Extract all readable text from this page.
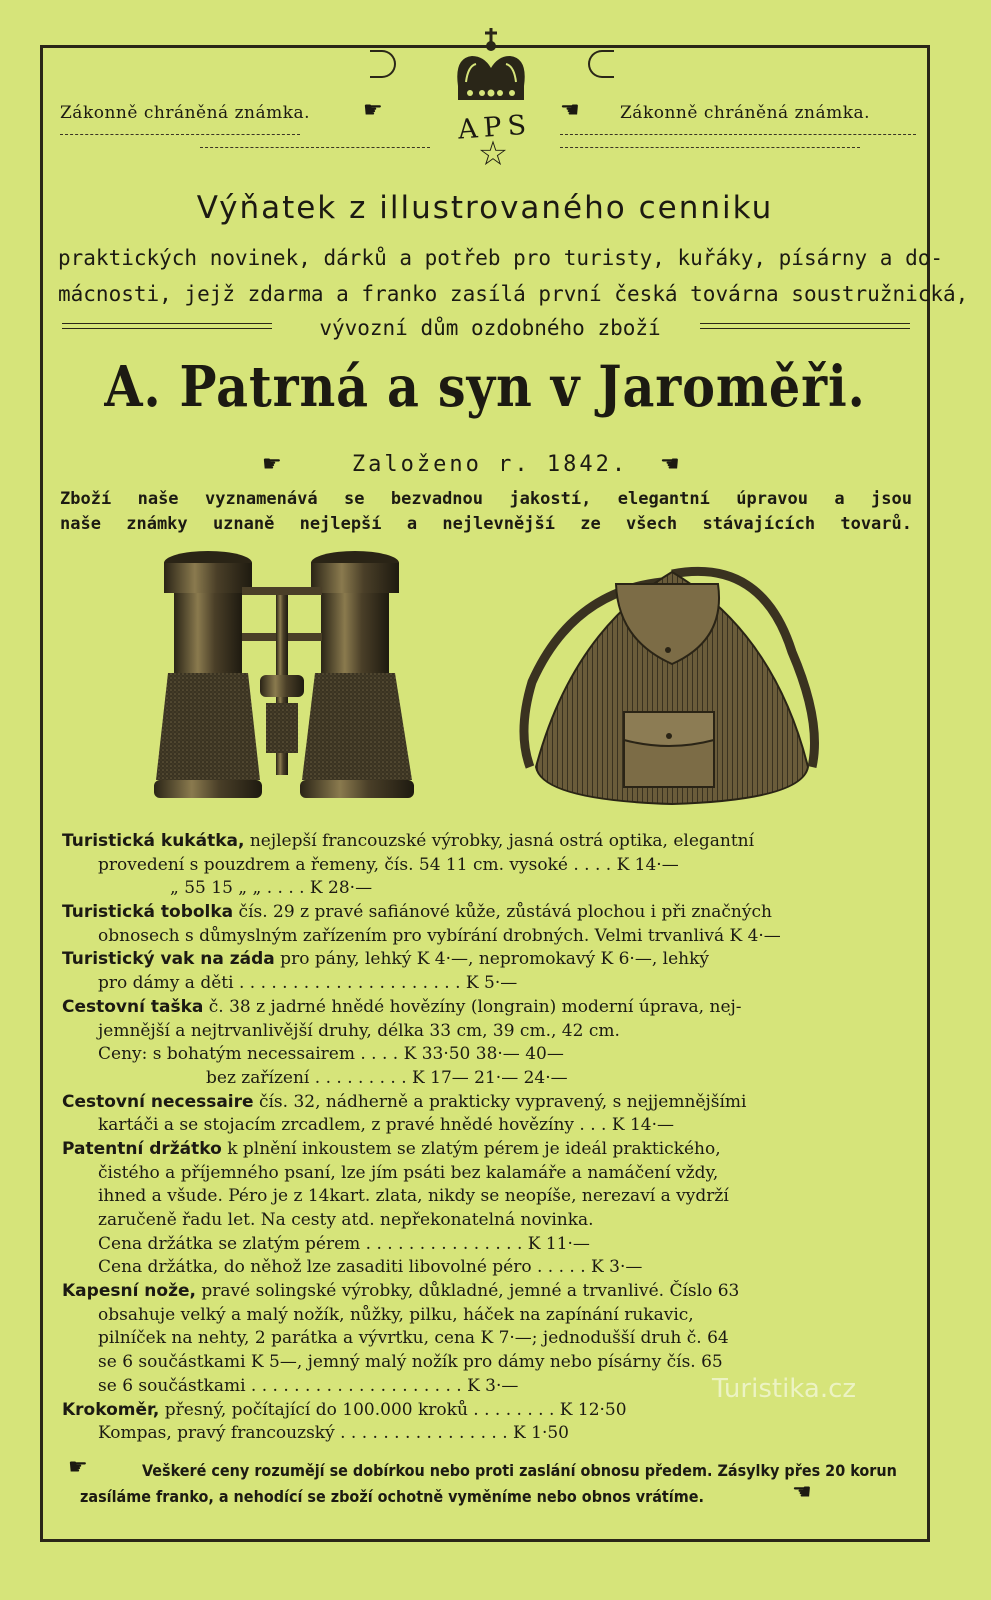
APS
☆
Zákonně chráněná známka. ☛	☛ Zákonně chráněná známka.
Výňatek z illustrovaného cenniku
praktických novinek, dárků a potřeb pro turisty, kuřáky, písárny a do-
mácnosti, jejž zdarma a franko zasílá první česká továrna soustružnická,
vývozní dům ozdobného zboží
A. Patrná a syn v Jaroměři.
☛	Založeno r. 1842.	☛
Zboží naše vyznamenává se bezvadnou jakostí, elegantní úpravou a jsou
naše známky uznaně nejlepší a nejlevnější ze všech stávajících tovarů.
Turistická kukátka, nejlepší francouzské výrobky, jasná ostrá optika, elegantní
provedení s pouzdrem a řemeny, čís. 54 11 cm. vysoké . . . . K 14·—
„ 55 15 „ „ . . . . K 28·—
Turistická tobolka čís. 29 z pravé safiánové kůže, zůstává plochou i při značných
obnosech s důmyslným zařízením pro vybírání drobných. Velmi trvanlivá K 4·—
Turistický vak na záda pro pány, lehký K 4·—, nepromokavý K 6·—, lehký
pro dámy a děti . . . . . . . . . . . . . . . . . . . . . K 5·—
Cestovní taška č. 38 z jadrné hnědé hovězíny (longrain) moderní úprava, nej-
jemnější a nejtrvanlivější druhy, délka 33 cm, 39 cm., 42 cm.
Ceny: s bohatým necessairem . . . . K 33·50 38·— 40—
bez zařízení . . . . . . . . . K 17— 21·— 24·—
Cestovní necessaire čís. 32, nádherně a prakticky vypravený, s nejjemnějšími
kartáči a se stojacím zrcadlem, z pravé hnědé hovězíny . . . K 14·—
Patentní držátko k plnění inkoustem se zlatým pérem je ideál praktického,
čistého a příjemného psaní, lze jím psáti bez kalamáře a namáčení vždy,
ihned a všude. Péro je z 14kart. zlata, nikdy se neopíše, nerezaví a vydrží
zaručeně řadu let. Na cesty atd. nepřekonatelná novinka.
Cena držátka se zlatým pérem . . . . . . . . . . . . . . . K 11·—
Cena držátka, do něhož lze zasaditi libovolné péro . . . . . K 3·—
Kapesní nože, pravé solingské výrobky, důkladné, jemné a trvanlivé. Číslo 63
obsahuje velký a malý nožík, nůžky, pilku, háček na zapínání rukavic,
pilníček na nehty, 2 parátka a vývrtku, cena K 7·—; jednodušší druh č. 64
se 6 součástkami K 5—, jemný malý nožík pro dámy nebo písárny čís. 65
se 6 součástkami . . . . . . . . . . . . . . . . . . . . K 3·—
Krokoměr, přesný, počítající do 100.000 kroků . . . . . . . . K 12·50
Kompas, pravý francouzský . . . . . . . . . . . . . . . . K 1·50
☛	Veškeré ceny rozumějí se dobírkou nebo proti zaslání obnosu předem. Zásylky přes 20 korun
zasíláme franko, a nehodící se zboží ochotně vyměníme nebo obnos vrátíme.	☛
Turistika.cz
